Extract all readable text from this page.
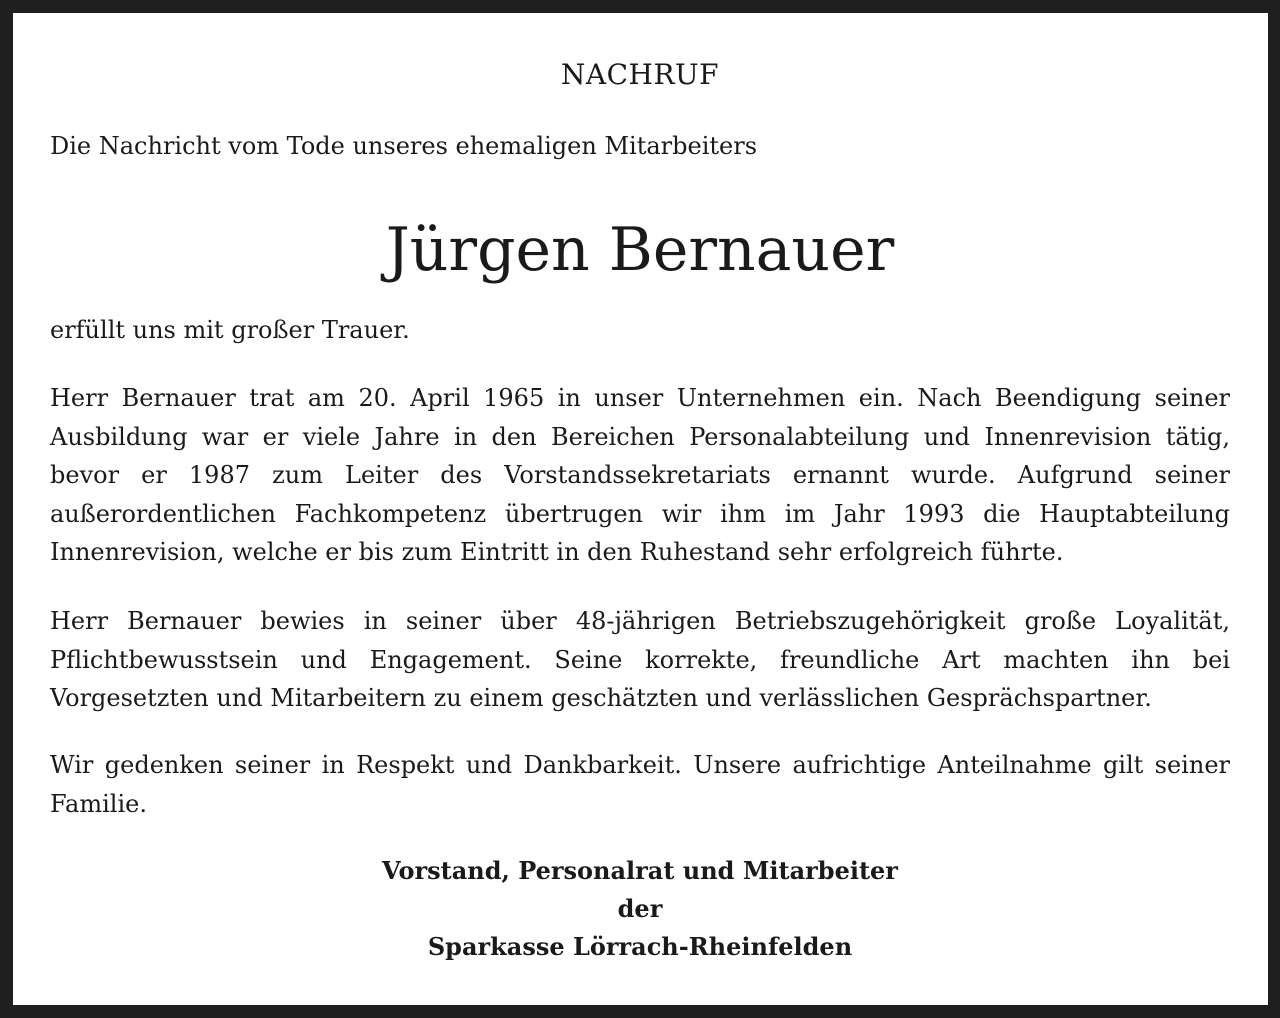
NACHRUF
Die Nachricht vom Tode unseres ehemaligen Mitarbeiters
Jürgen Bernauer
erfüllt uns mit großer Trauer.
Herr Bernauer trat am 20. April 1965 in unser Unternehmen ein. Nach Beendigung seiner Ausbildung war er viele Jahre in den Bereichen Personalabteilung und Innenrevision tätig, bevor er 1987 zum Leiter des Vorstandssekretariats ernannt wurde. Aufgrund seiner außerordentlichen Fachkompetenz übertrugen wir ihm im Jahr 1993 die Hauptabteilung Innenrevision, welche er bis zum Eintritt in den Ruhestand sehr erfolgreich führte.
Herr Bernauer bewies in seiner über 48-jährigen Betriebszugehörigkeit große Loyalität, Pflichtbewusstsein und Engagement. Seine korrekte, freundliche Art machten ihn bei Vorgesetzten und Mitarbeitern zu einem geschätzten und verlässlichen Gesprächspartner.
Wir gedenken seiner in Respekt und Dankbarkeit. Unsere aufrichtige Anteilnahme gilt seiner Familie.
Vorstand, Personalrat und Mitarbeiter
der
Sparkasse Lörrach-Rheinfelden
